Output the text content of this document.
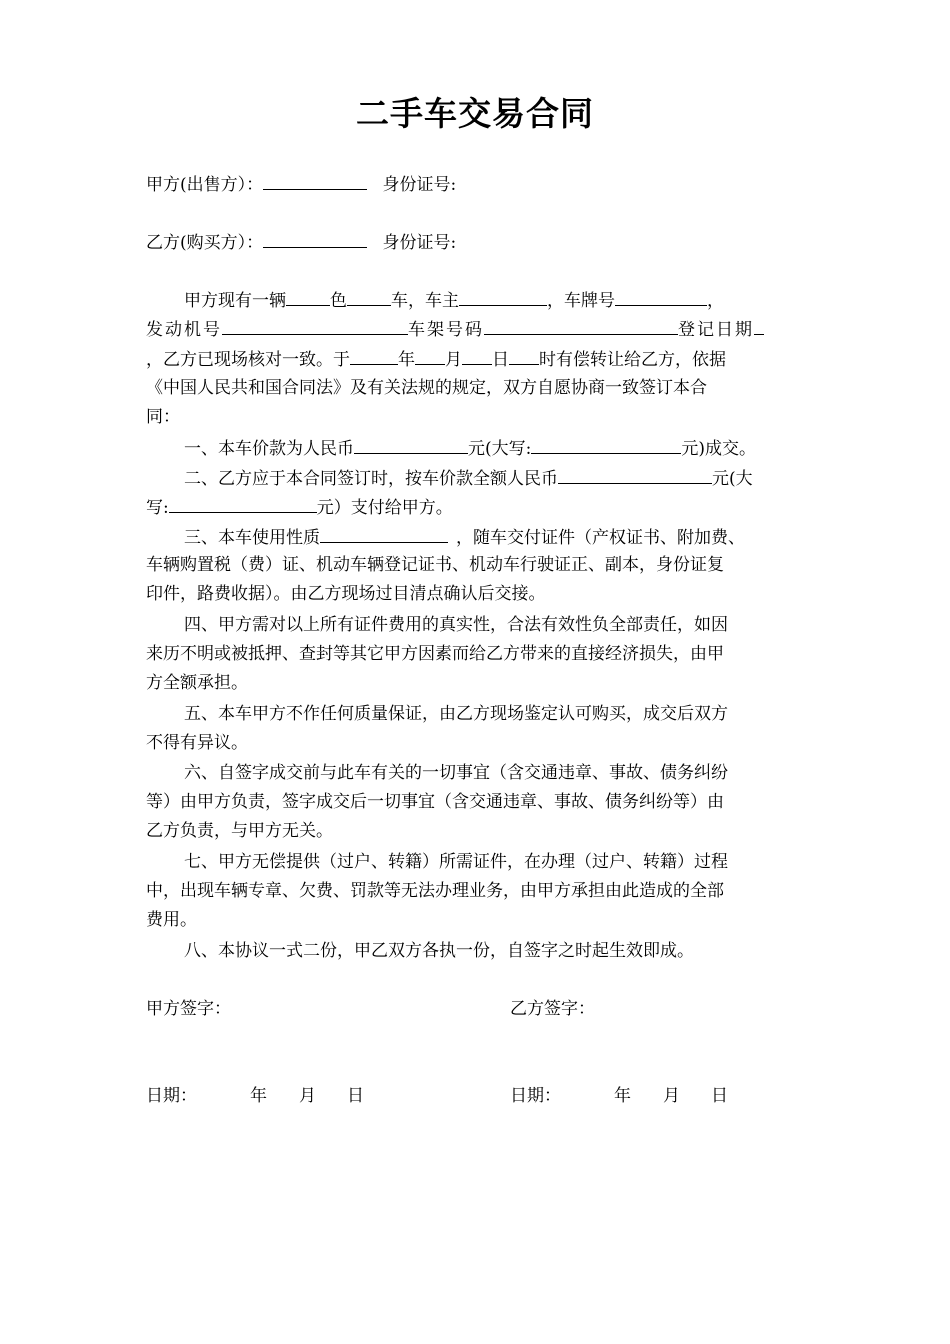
二手车交易合同
甲方(出售方）：	身份证号:
乙方(购买方）：	身份证号:
甲方现有一辆	色	车，车主	，车牌号	，
发动机号	车架号码	登记日期
，乙方已现场核对一致。于	年 月 日 时有偿转让给乙方，依据
《中国人民共和国合同法》及有关法规的规定，双方自愿协商一致签订本合
同：
一、本车价款为人民币	元(大写:	元)成交。
二、乙方应于本合同签订时，按车价款全额人民币	元(大
写:	元）支付给甲方。
三、本车使用性质	，随车交付证件（产权证书、附加费、
车辆购置税（费）证、机动车辆登记证书、机动车行驶证正、副本，身份证复
印件，路费收据）。由乙方现场过目清点确认后交接。
四、甲方需对以上所有证件费用的真实性，合法有效性负全部责任，如因
来历不明或被抵押、查封等其它甲方因素而给乙方带来的直接经济损失，由甲
方全额承担。
五、本车甲方不作任何质量保证，由乙方现场鉴定认可购买，成交后双方
不得有异议。
六、自签字成交前与此车有关的一切事宜（含交通违章、事故、债务纠纷
等）由甲方负责，签字成交后一切事宜（含交通违章、事故、债务纠纷等）由
乙方负责，与甲方无关。
七、甲方无偿提供（过户、转籍）所需证件，在办理（过户、转籍）过程
中，出现车辆专章、欠费、罚款等无法办理业务，由甲方承担由此造成的全部
费用。
八、本协议一式二份，甲乙双方各执一份，自签字之时起生效即成。
甲方签字：	乙方签字：
日期：	年 月 日	日期：	年 月 日
